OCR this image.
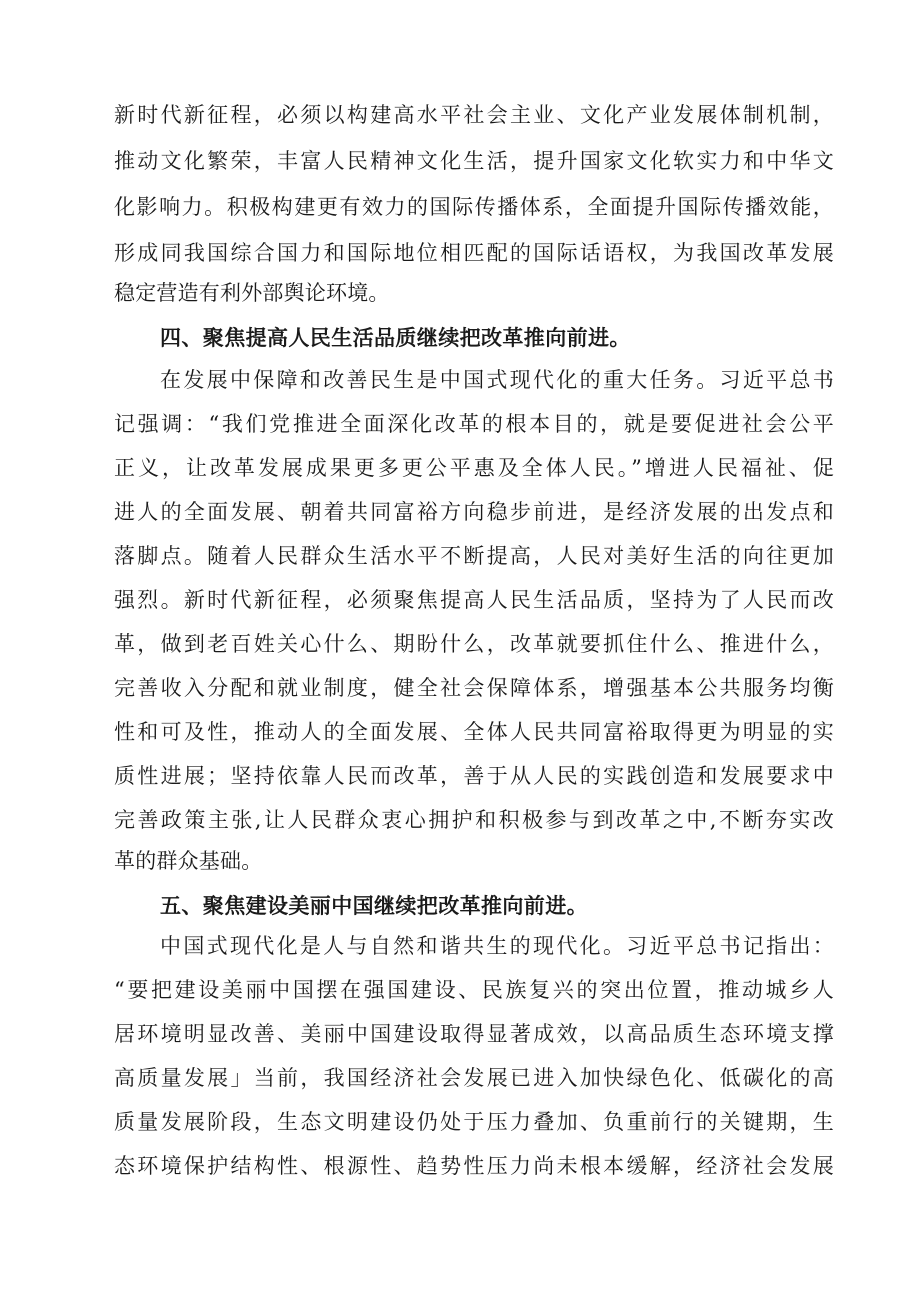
新时代新征程，必须以构建高水平社会主业、文化产业发展体制机制，
推动文化繁荣，丰富人民精神文化生活，提升国家文化软实力和中华文
化影响力。积极构建更有效力的国际传播体系，全面提升国际传播效能，
形成同我国综合国力和国际地位相匹配的国际话语权，为我国改革发展
稳定营造有利外部舆论环境。
四、聚焦提高人民生活品质继续把改革推向前进。
在发展中保障和改善民生是中国式现代化的重大任务。习近平总书
记强调：“我们党推进全面深化改革的根本目的，就是要促进社会公平
正义，让改革发展成果更多更公平惠及全体人民。”增进人民福祉、促
进人的全面发展、朝着共同富裕方向稳步前进，是经济发展的出发点和
落脚点。随着人民群众生活水平不断提高，人民对美好生活的向往更加
强烈。新时代新征程，必须聚焦提高人民生活品质，坚持为了人民而改
革，做到老百姓关心什么、期盼什么，改革就要抓住什么、推进什么，
完善收入分配和就业制度，健全社会保障体系，增强基本公共服务均衡
性和可及性，推动人的全面发展、全体人民共同富裕取得更为明显的实
质性进展；坚持依靠人民而改革，善于从人民的实践创造和发展要求中
完善政策主张,让人民群众衷心拥护和积极参与到改革之中,不断夯实改
革的群众基础。
五、聚焦建设美丽中国继续把改革推向前进。
中国式现代化是人与自然和谐共生的现代化。习近平总书记指出：
“要把建设美丽中国摆在强国建设、民族复兴的突出位置，推动城乡人
居环境明显改善、美丽中国建设取得显著成效，以高品质生态环境支撑
高质量发展」当前，我国经济社会发展已进入加快绿色化、低碳化的高
质量发展阶段，生态文明建设仍处于压力叠加、负重前行的关键期，生
态环境保护结构性、根源性、趋势性压力尚未根本缓解，经济社会发展
